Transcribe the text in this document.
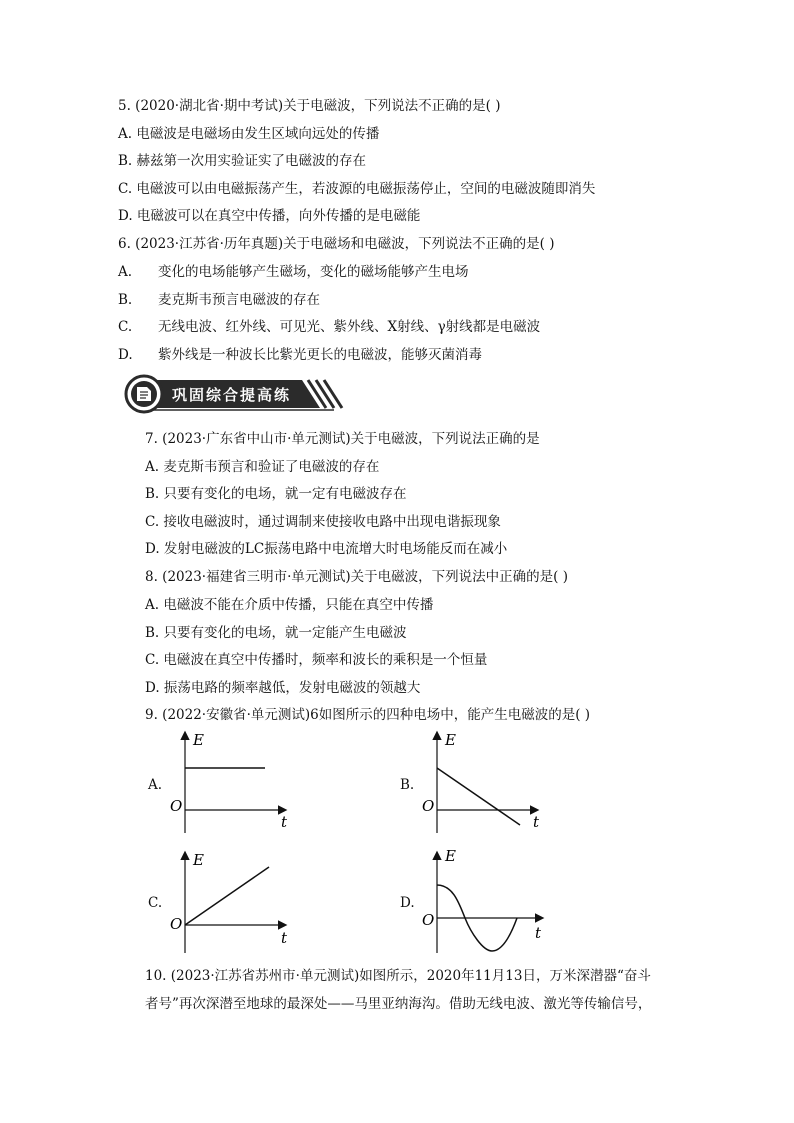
5. (2020·湖北省·期中考试)关于电磁波，下列说法不正确的是( )
A. 电磁波是电磁场由发生区域向远处的传播
B. 赫兹第一次用实验证实了电磁波的存在
C. 电磁波可以由电磁振荡产生，若波源的电磁振荡停止，空间的电磁波随即消失
D. 电磁波可以在真空中传播，向外传播的是电磁能
6. (2023·江苏省·历年真题)关于电磁场和电磁波，下列说法不正确的是( )
A. 变化的电场能够产生磁场，变化的磁场能够产生电场
B. 麦克斯韦预言电磁波的存在
C. 无线电波、红外线、可见光、紫外线、X射线、γ射线都是电磁波
D. 紫外线是一种波长比紫光更长的电磁波，能够灭菌消毒
巩固综合提高练
7. (2023·广东省中山市·单元测试)关于电磁波，下列说法正确的是
A. 麦克斯韦预言和验证了电磁波的存在
B. 只要有变化的电场，就一定有电磁波存在
C. 接收电磁波时，通过调制来使接收电路中出现电谐振现象
D. 发射电磁波的LC振荡电路中电流增大时电场能反而在减小
8. (2023·福建省三明市·单元测试)关于电磁波，下列说法中正确的是( )
A. 电磁波不能在介质中传播，只能在真空中传播
B. 只要有变化的电场，就一定能产生电磁波
C. 电磁波在真空中传播时，频率和波长的乘积是一个恒量
D. 振荡电路的频率越低，发射电磁波的领越大
9. (2022·安徽省·单元测试)6如图所示的四种电场中，能产生电磁波的是( )
A.
E
O
t
B.
E
O
t
C.
E
O
t
D.
E
O
t
10. (2023·江苏省苏州市·单元测试)如图所示，2020年11月13日，万米深潜器“奋斗
者号”再次深潜至地球的最深处——马里亚纳海沟。借助无线电波、激光等传输信号，
